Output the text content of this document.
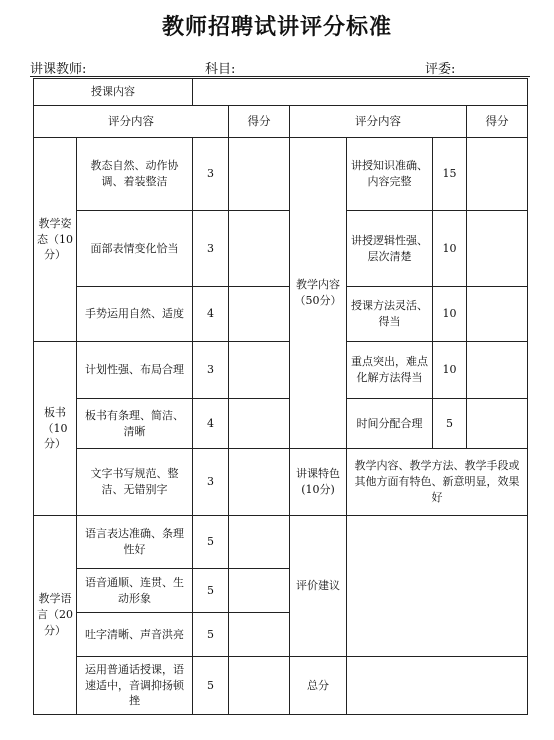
教师招聘试讲评分标准
讲课教师:	科目:	评委:
授课内容							
评分内容			得分	评分内容			得分
教学姿态（10分）	教态自然、动作协调、着装整洁	3		教学内容（50分）	讲授知识准确、内容完整	15	
	面部表情变化恰当	3			讲授逻辑性强、层次清楚	10	
	手势运用自然、适度	4			授课方法灵活、得当	10	
板书（10分）	计划性强、布局合理	3			重点突出，难点化解方法得当	10	
	板书有条理、简洁、清晰	4			时间分配合理	5	
	文字书写规范、整洁、无错别字	3		讲课特色(10分)	教学内容、教学方法、教学手段或其他方面有特色、新意明显，效果好		
教学语言（20分）	语言表达准确、条理性好	5		评价建议			
	语音通顺、连贯、生动形象	5					
	吐字清晰、声音洪亮	5					
	运用普通话授课，语速适中，音调抑扬顿挫	5		总分			
